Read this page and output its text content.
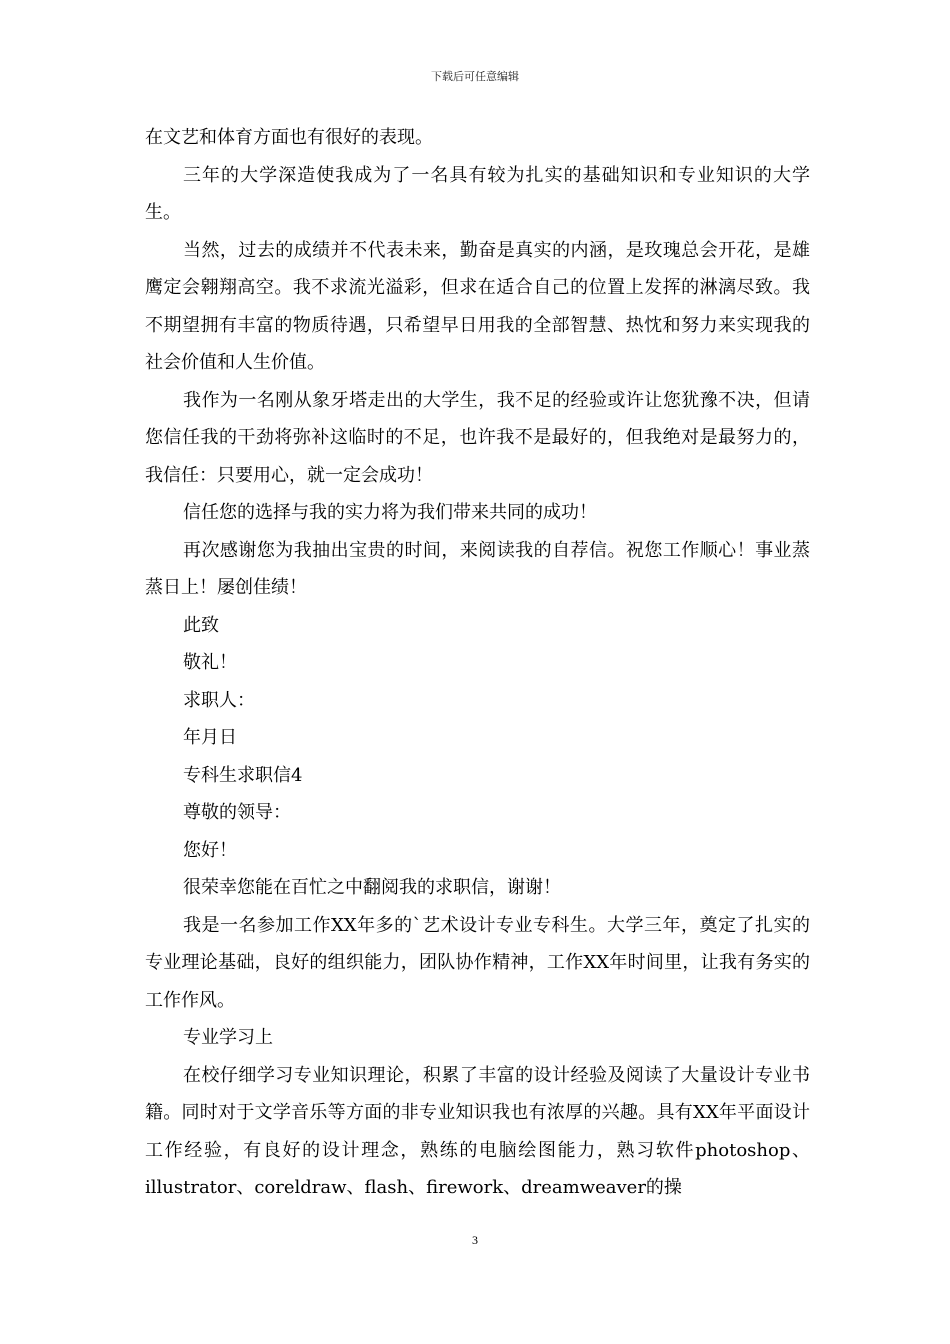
下载后可任意编辑

在文艺和体育方面也有很好的表现。

三年的大学深造使我成为了一名具有较为扎实的基础知识和专业知识的大学生。

当然，过去的成绩并不代表未来，勤奋是真实的内涵，是玫瑰总会开花，是雄鹰定会翱翔高空。我不求流光溢彩，但求在适合自己的位置上发挥的淋漓尽致。我不期望拥有丰富的物质待遇，只希望早日用我的全部智慧、热忱和努力来实现我的社会价值和人生价值。

我作为一名刚从象牙塔走出的大学生，我不足的经验或许让您犹豫不决，但请您信任我的干劲将弥补这临时的不足，也许我不是最好的，但我绝对是最努力的，我信任：只要用心，就一定会成功！

信任您的选择与我的实力将为我们带来共同的成功！

再次感谢您为我抽出宝贵的时间，来阅读我的自荐信。祝您工作顺心！事业蒸蒸日上！屡创佳绩！

此致

敬礼！

求职人：

年月日

专科生求职信4

尊敬的领导：

您好！

很荣幸您能在百忙之中翻阅我的求职信，谢谢！

我是一名参加工作XX年多的`艺术设计专业专科生。大学三年，奠定了扎实的专业理论基础，良好的组织能力，团队协作精神，工作XX年时间里，让我有务实的工作作风。

专业学习上

在校仔细学习专业知识理论，积累了丰富的设计经验及阅读了大量设计专业书籍。同时对于文学音乐等方面的非专业知识我也有浓厚的兴趣。具有XX年平面设计工作经验，有良好的设计理念，熟练的电脑绘图能力，熟习软件photoshop、illustrator、coreldraw、flash、firework、dreamweaver的操

3
